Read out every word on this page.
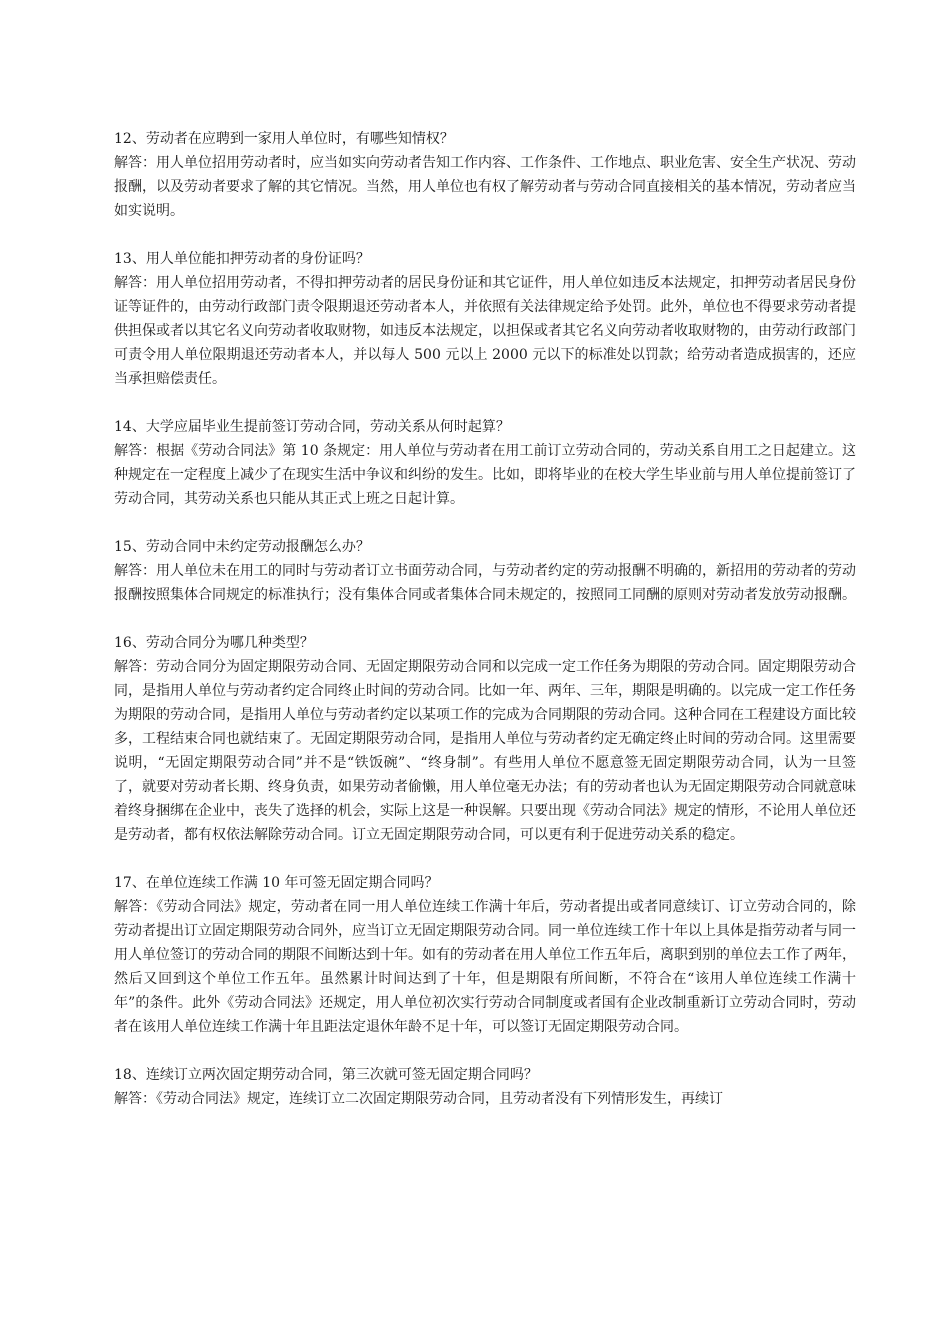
12、劳动者在应聘到一家用人单位时，有哪些知情权？

解答：用人单位招用劳动者时，应当如实向劳动者告知工作内容、工作条件、工作地点、职业危害、安全生产状况、劳动报酬，以及劳动者要求了解的其它情况。当然，用人单位也有权了解劳动者与劳动合同直接相关的基本情况，劳动者应当如实说明。

13、用人单位能扣押劳动者的身份证吗？

解答：用人单位招用劳动者，不得扣押劳动者的居民身份证和其它证件，用人单位如违反本法规定，扣押劳动者居民身份证等证件的，由劳动行政部门责令限期退还劳动者本人，并依照有关法律规定给予处罚。此外，单位也不得要求劳动者提供担保或者以其它名义向劳动者收取财物，如违反本法规定，以担保或者其它名义向劳动者收取财物的，由劳动行政部门可责令用人单位限期退还劳动者本人，并以每人 500 元以上 2000 元以下的标准处以罚款；给劳动者造成损害的，还应当承担赔偿责任。

14、大学应届毕业生提前签订劳动合同，劳动关系从何时起算？

解答：根据《劳动合同法》第 10 条规定：用人单位与劳动者在用工前订立劳动合同的，劳动关系自用工之日起建立。这种规定在一定程度上减少了在现实生活中争议和纠纷的发生。比如，即将毕业的在校大学生毕业前与用人单位提前签订了劳动合同，其劳动关系也只能从其正式上班之日起计算。

15、劳动合同中未约定劳动报酬怎么办？

解答：用人单位未在用工的同时与劳动者订立书面劳动合同，与劳动者约定的劳动报酬不明确的，新招用的劳动者的劳动报酬按照集体合同规定的标准执行；没有集体合同或者集体合同未规定的，按照同工同酬的原则对劳动者发放劳动报酬。

16、劳动合同分为哪几种类型？

解答：劳动合同分为固定期限劳动合同、无固定期限劳动合同和以完成一定工作任务为期限的劳动合同。固定期限劳动合同，是指用人单位与劳动者约定合同终止时间的劳动合同。比如一年、两年、三年，期限是明确的。以完成一定工作任务为期限的劳动合同，是指用人单位与劳动者约定以某项工作的完成为合同期限的劳动合同。这种合同在工程建设方面比较多，工程结束合同也就结束了。无固定期限劳动合同，是指用人单位与劳动者约定无确定终止时间的劳动合同。这里需要说明，“无固定期限劳动合同”并不是“铁饭碗”、“终身制”。有些用人单位不愿意签无固定期限劳动合同，认为一旦签了，就要对劳动者长期、终身负责，如果劳动者偷懒，用人单位毫无办法；有的劳动者也认为无固定期限劳动合同就意味着终身捆绑在企业中，丧失了选择的机会，实际上这是一种误解。只要出现《劳动合同法》规定的情形，不论用人单位还是劳动者，都有权依法解除劳动合同。订立无固定期限劳动合同，可以更有利于促进劳动关系的稳定。

17、在单位连续工作满 10 年可签无固定期合同吗？

解答：《劳动合同法》规定，劳动者在同一用人单位连续工作满十年后，劳动者提出或者同意续订、订立劳动合同的，除劳动者提出订立固定期限劳动合同外，应当订立无固定期限劳动合同。同一单位连续工作十年以上具体是指劳动者与同一用人单位签订的劳动合同的期限不间断达到十年。如有的劳动者在用人单位工作五年后，离职到别的单位去工作了两年，然后又回到这个单位工作五年。虽然累计时间达到了十年，但是期限有所间断，不符合在“该用人单位连续工作满十年”的条件。此外《劳动合同法》还规定，用人单位初次实行劳动合同制度或者国有企业改制重新订立劳动合同时，劳动者在该用人单位连续工作满十年且距法定退休年龄不足十年，可以签订无固定期限劳动合同。

18、连续订立两次固定期劳动合同，第三次就可签无固定期合同吗？

解答：《劳动合同法》规定，连续订立二次固定期限劳动合同，且劳动者没有下列情形发生，再续订
